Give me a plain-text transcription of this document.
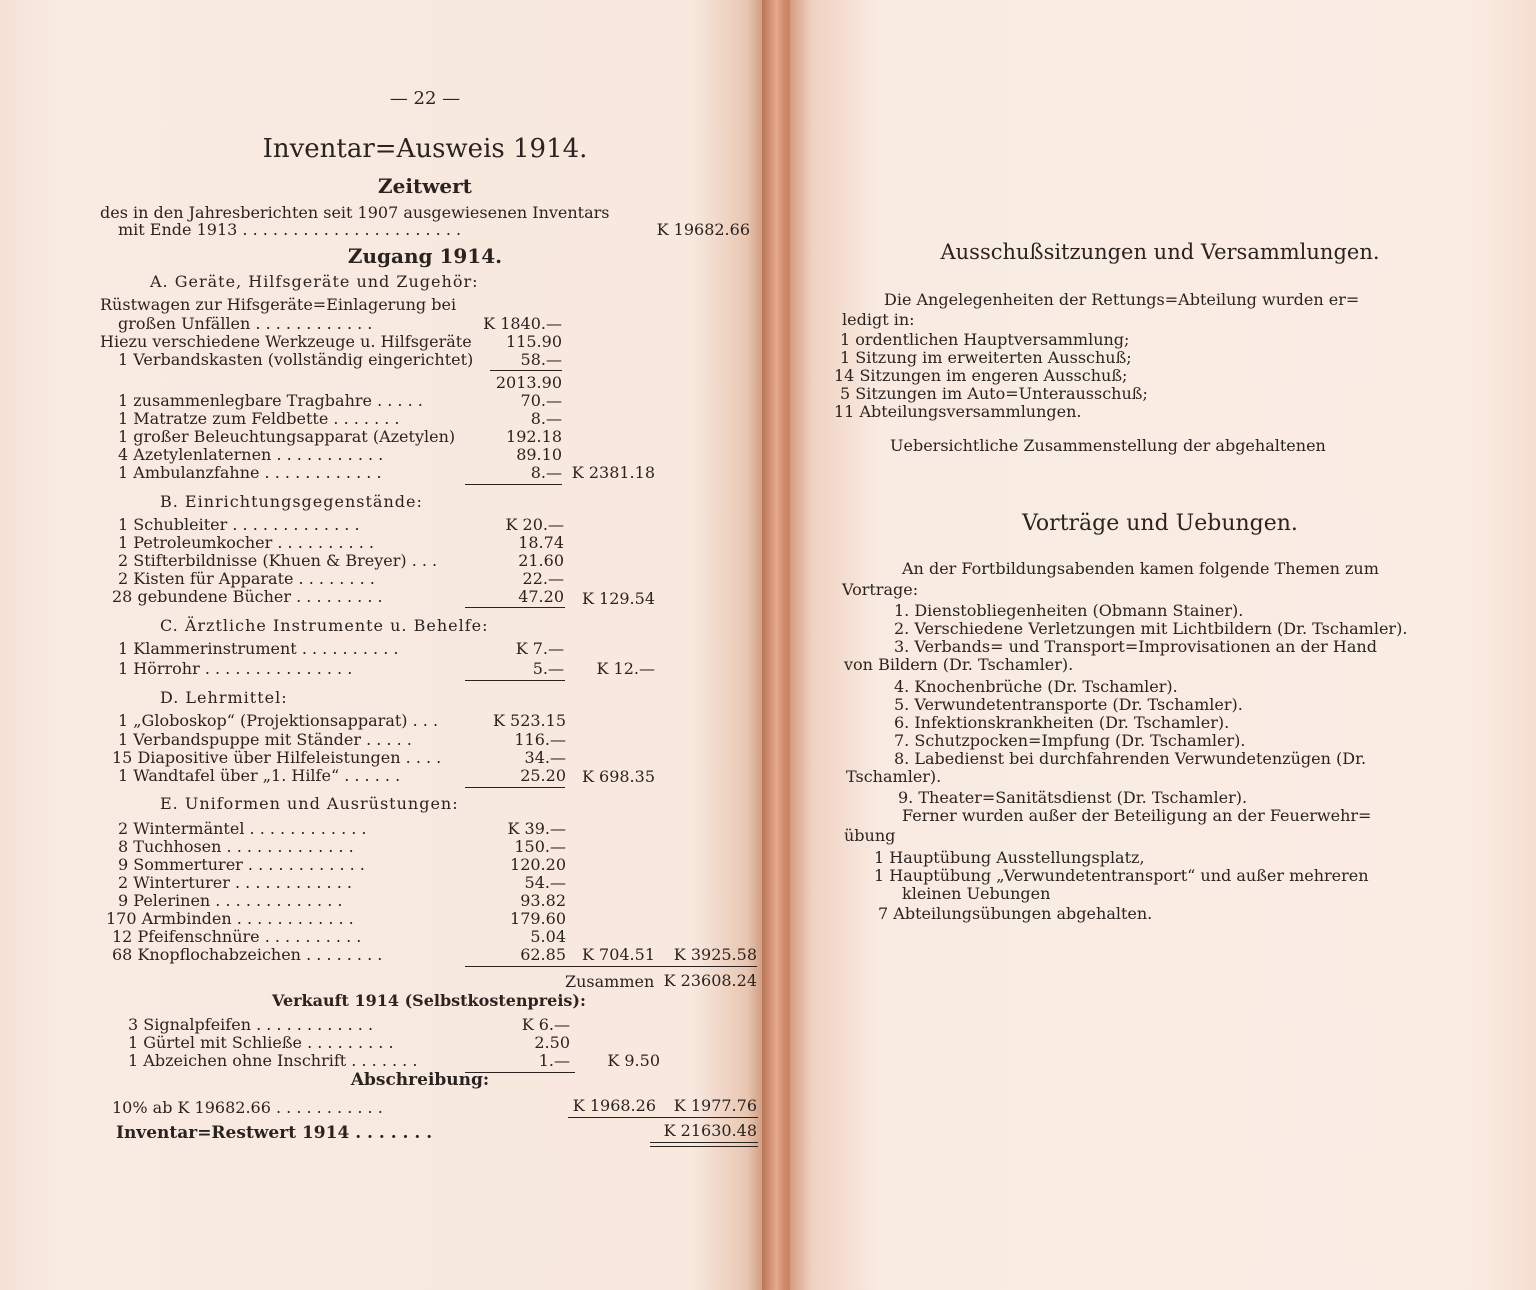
— 22 —
Inventar=Ausweis 1914.
Zeitwert
des in den Jahresberichten seit 1907 ausgewiesenen Inventars
mit Ende 1913 . . . . . . . . . . . . . . . . . . . . . .	K 19682.66
Zugang 1914.
A. Geräte, Hilfsgeräte und Zugehör:
Rüstwagen zur Hifsgeräte=Einlagerung bei
großen Unfällen . . . . . . . . . . . .	K 1840.—
Hiezu verschiedene Werkzeuge u. Hilfsgeräte	115.90
1 Verbandskasten (vollständig eingerichtet)	58.—
2013.90
1 zusammenlegbare Tragbahre . . . . .	70.—
1 Matratze zum Feldbette . . . . . . .	8.—
1 großer Beleuchtungsapparat (Azetylen)	192.18
4 Azetylenlaternen . . . . . . . . . . .	89.10
1 Ambulanzfahne . . . . . . . . . . . .	8.— K 2381.18
B. Einrichtungsgegenstände:
1 Schubleiter . . . . . . . . . . . . .	K 20.—
1 Petroleumkocher . . . . . . . . . .	18.74
2 Stifterbildnisse (Khuen & Breyer) . . .	21.60
2 Kisten für Apparate . . . . . . . .	22.—
28 gebundene Bücher . . . . . . . . .	47.20	K 129.54
C. Ärztliche Instrumente u. Behelfe:
1 Klammerinstrument . . . . . . . . . .	K 7.—
1 Hörrohr . . . . . . . . . . . . . . .	5.—	K 12.—
D. Lehrmittel:
1 „Globoskop“ (Projektionsapparat) . . .	K 523.15
1 Verbandspuppe mit Ständer . . . . .	116.—
15 Diapositive über Hilfeleistungen . . . .	34.—
1 Wandtafel über „1. Hilfe“ . . . . . .	25.20 K 698.35
E. Uniformen und Ausrüstungen:
2 Wintermäntel . . . . . . . . . . . .	K 39.—
8 Tuchhosen . . . . . . . . . . . . .	150.—
9 Sommerturer . . . . . . . . . . . .	120.20
2 Winterturer . . . . . . . . . . . .	54.—
9 Pelerinen . . . . . . . . . . . . .	93.82
170 Armbinden . . . . . . . . . . . .	179.60
12 Pfeifenschnüre . . . . . . . . . .	5.04
68 Knopflochabzeichen . . . . . . . .	62.85 K 704.51	K 3925.58
Zusammen K 23608.24
Verkauft 1914 (Selbstkostenpreis):
3 Signalpfeifen . . . . . . . . . . . .	K 6.—
1 Gürtel mit Schließe . . . . . . . . .	2.50
1 Abzeichen ohne Inschrift . . . . . . .	1.—	K 9.50
Abschreibung:
10% ab K 19682.66 . . . . . . . . . . .	K 1968.26	K 1977.76
Inventar=Restwert 1914 . . . . . . .	K 21630.48
Ausschußsitzungen und Versammlungen.
Die Angelegenheiten der Rettungs=Abteilung wurden er=
ledigt in:
1 ordentlichen Hauptversammlung;
1 Sitzung im erweiterten Ausschuß;
14 Sitzungen im engeren Ausschuß;
5 Sitzungen im Auto=Unterausschuß;
11 Abteilungsversammlungen.
Uebersichtliche Zusammenstellung der abgehaltenen
Vorträge und Uebungen.
An der Fortbildungsabenden kamen folgende Themen zum
Vortrage:
1. Dienstobliegenheiten (Obmann Stainer).
2. Verschiedene Verletzungen mit Lichtbildern (Dr. Tschamler).
3. Verbands= und Transport=Improvisationen an der Hand
von Bildern (Dr. Tschamler).
4. Knochenbrüche (Dr. Tschamler).
5. Verwundetentransporte (Dr. Tschamler).
6. Infektionskrankheiten (Dr. Tschamler).
7. Schutzpocken=Impfung (Dr. Tschamler).
8. Labedienst bei durchfahrenden Verwundetenzügen (Dr.
Tschamler).
9. Theater=Sanitätsdienst (Dr. Tschamler).
Ferner wurden außer der Beteiligung an der Feuerwehr=
übung
1 Hauptübung Ausstellungsplatz,
1 Hauptübung „Verwundetentransport“ und außer mehreren
kleinen Uebungen
7 Abteilungsübungen abgehalten.
